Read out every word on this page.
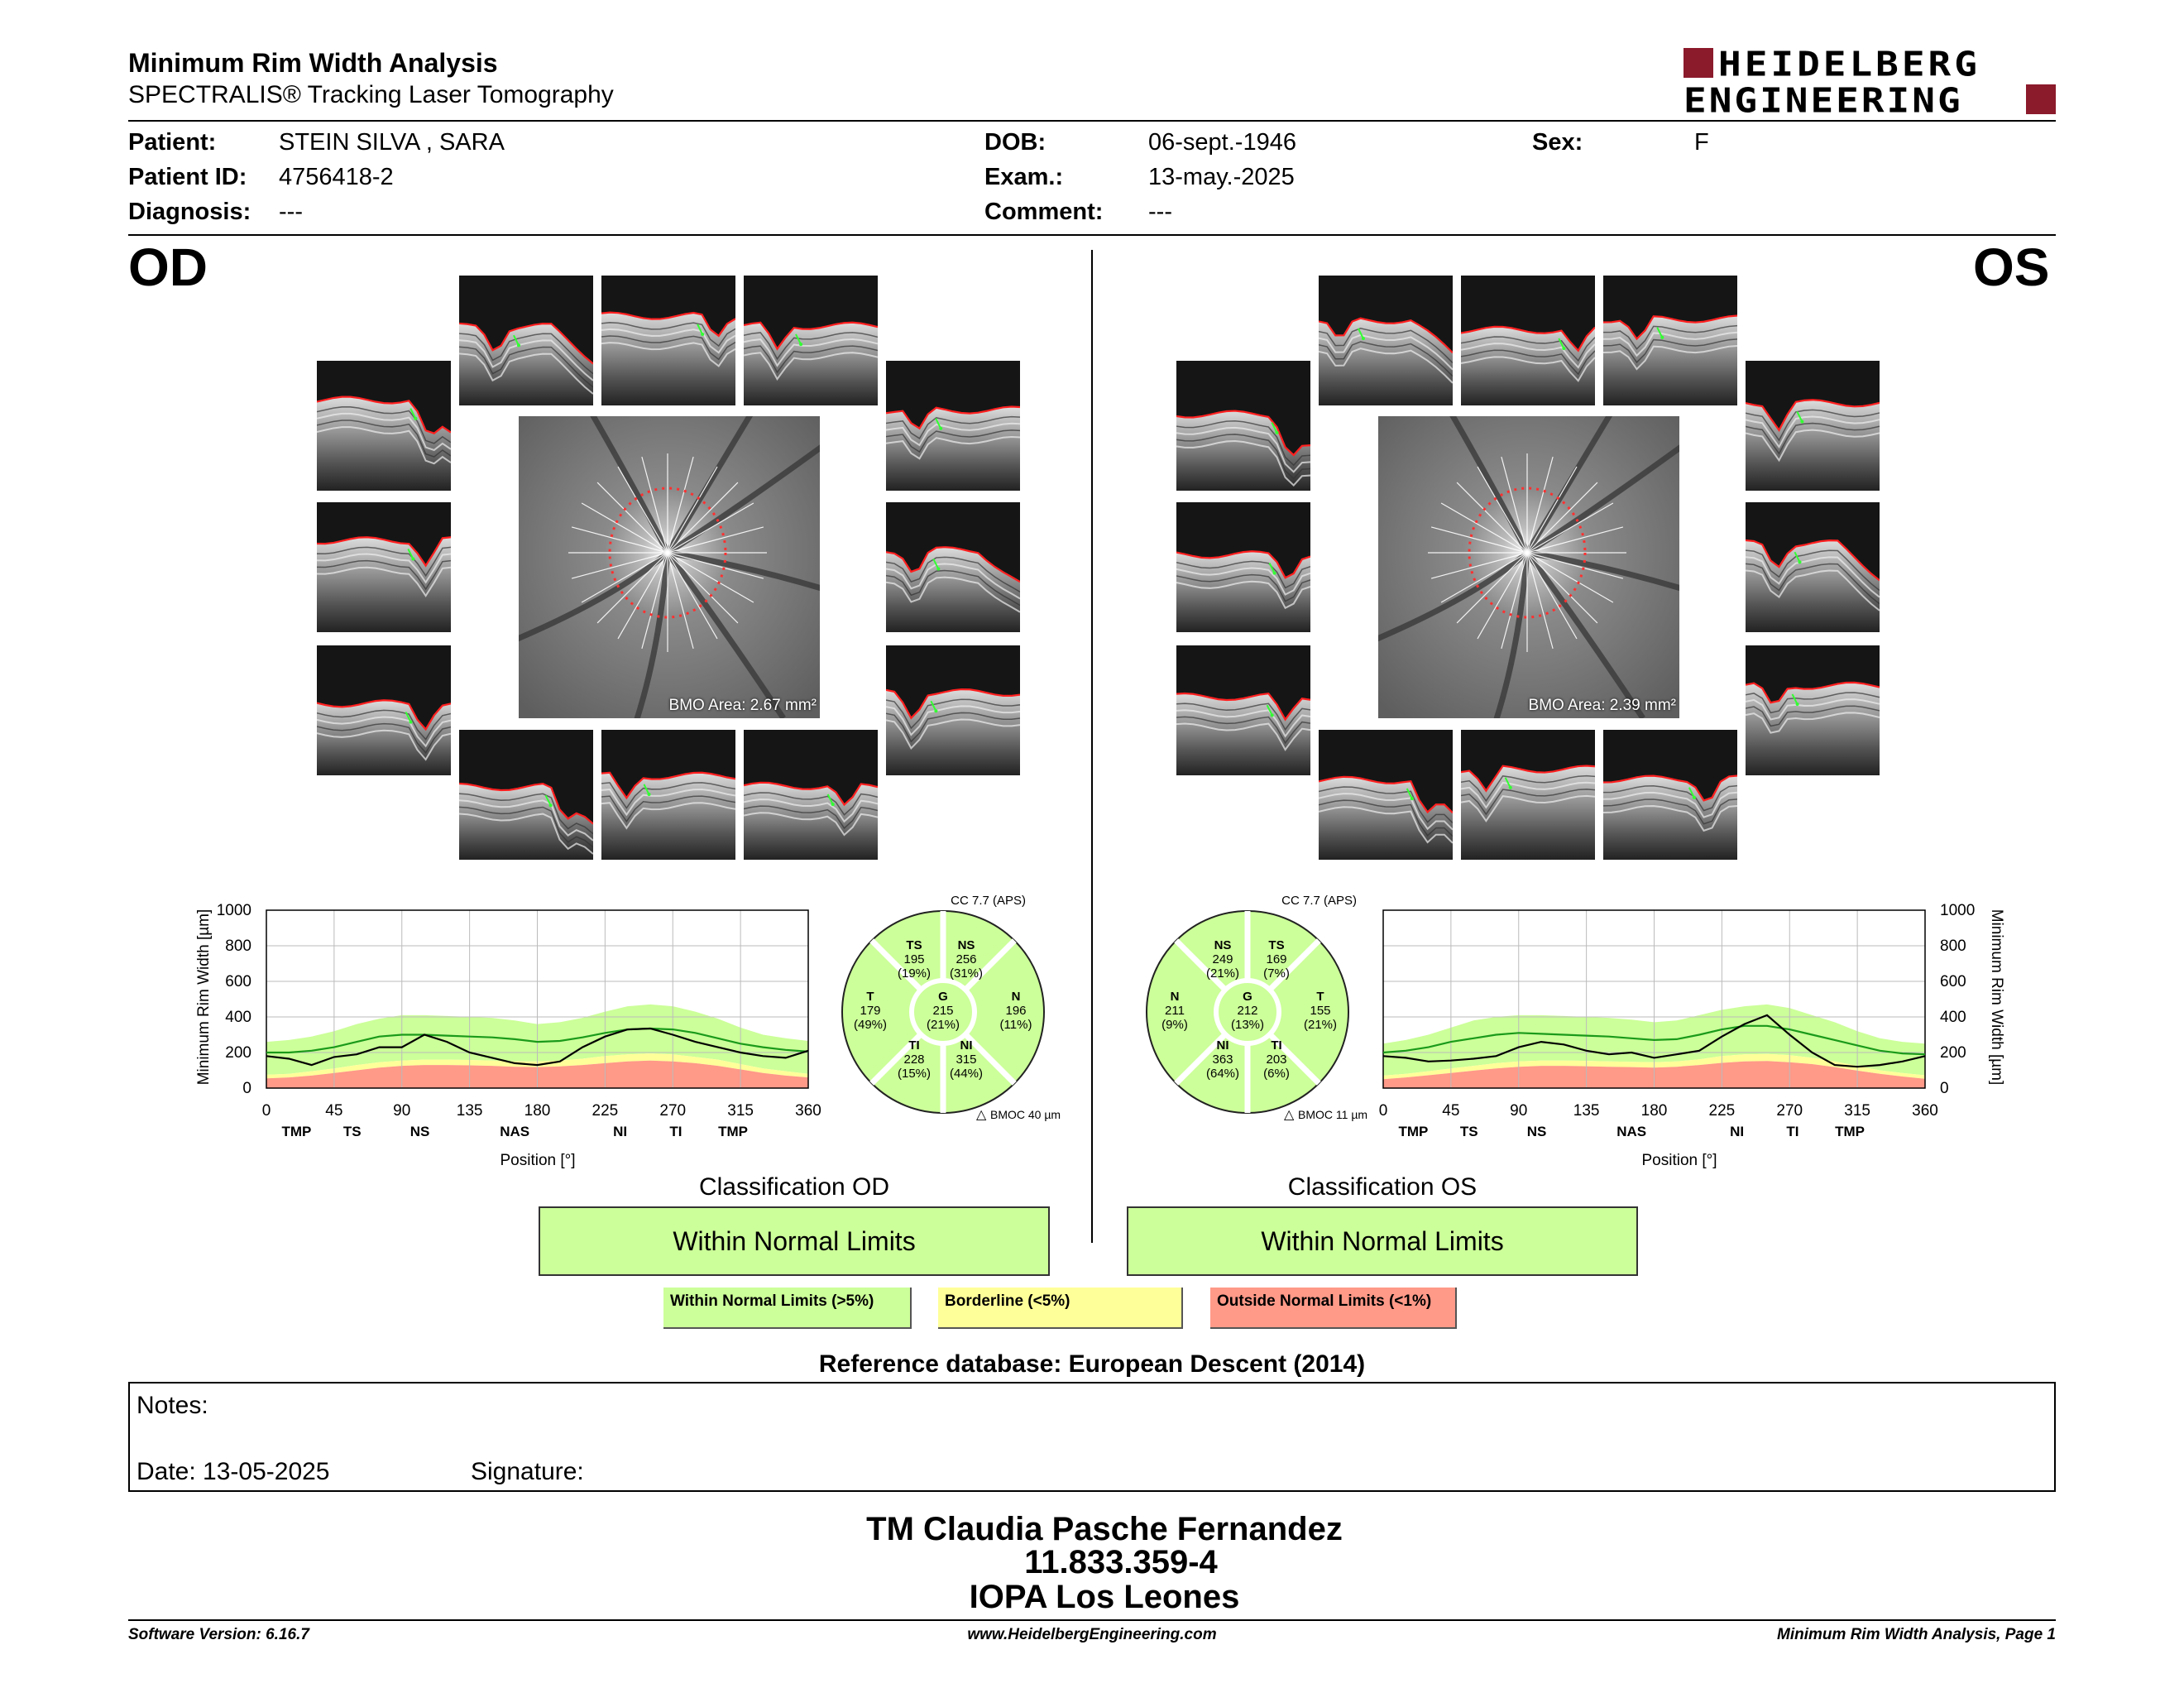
Minimum Rim Width Analysis
SPECTRALIS® Tracking Laser Tomography
HEIDELBERG
ENGINEERING
Patient:	STEIN SILVA , SARA
Patient ID: 4756418-2
Diagnosis: ---
DOB:	06-sept.-1946
Exam.:	13-may.-2025
Comment: ---
Sex:	F
OD	OS
BMO Area: 2.67 mm²	BMO Area: 2.39 mm²
0
200
400
600
800
1000
0	45	90	135	180	225	270	315	360
TMP TS	NS	NAS	NI	TI	TMP
Minimum Rim Width [µm]
Position [°]
CC 7.7 (APS)
TS
195
(19%)
NS
256
(31%)
T
179
(49%)
G
215
(21%)
N
196
(11%)
TI
228
(15%)
NI
315
(44%)
△ BMOC 40 µm
CC 7.7 (APS)
NS
249
(21%)
TS
169
(7%)
N
211
(9%)
G
212
(13%)
T
155
(21%)
NI
363
(64%)
TI
203
(6%)
△ BMOC 11 µm
0
200
400
600
800
1000
0	45	90	135	180	225	270	315	360
TMP TS	NS	NAS	NI	TI	TMP
Minimum Rim Width [µm]
Position [°]
Classification OD
Within Normal Limits
Classification OS
Within Normal Limits
Within Normal Limits (>5%)	Borderline (<5%)	Outside Normal Limits (<1%)
Reference database: European Descent (2014)
Notes:
Date: 13-05-2025	Signature:
TM Claudia Pasche Fernandez
11.833.359-4
IOPA Los Leones
Software Version: 6.16.7	www.HeidelbergEngineering.com	Minimum Rim Width Analysis, Page 1
